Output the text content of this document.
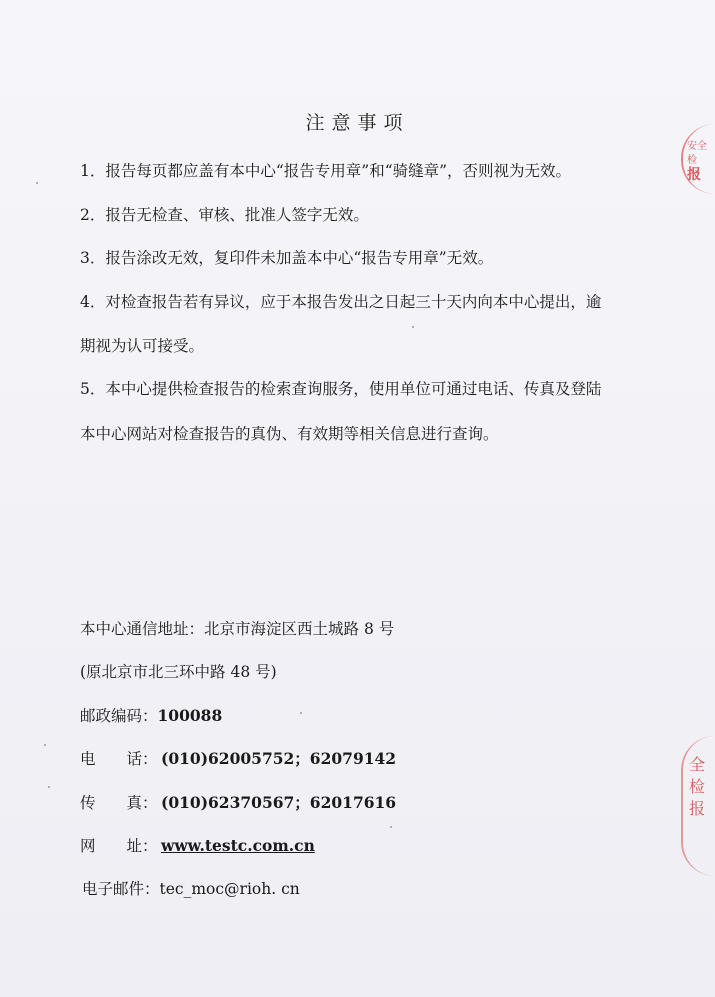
注意事项
1．报告每页都应盖有本中心“报告专用章”和“骑缝章”，否则视为无效。
2．报告无检查、审核、批准人签字无效。
3．报告涂改无效，复印件未加盖本中心“报告专用章”无效。
4．对检查报告若有异议，应于本报告发出之日起三十天内向本中心提出，逾
期视为认可接受。
5．本中心提供检查报告的检索查询服务，使用单位可通过电话、传真及登陆
本中心网站对检查报告的真伪、有效期等相关信息进行查询。
本中心通信地址：北京市海淀区西土城路 8 号
(原北京市北三环中路 48 号)
邮政编码：100088
电　　话： (010)62005752；62079142
传　　真： (010)62370567；62017616
网　　址： www.testc.com.cn
电子邮件：tec_moc@rioh. cn
安全检
报
全
检
报
